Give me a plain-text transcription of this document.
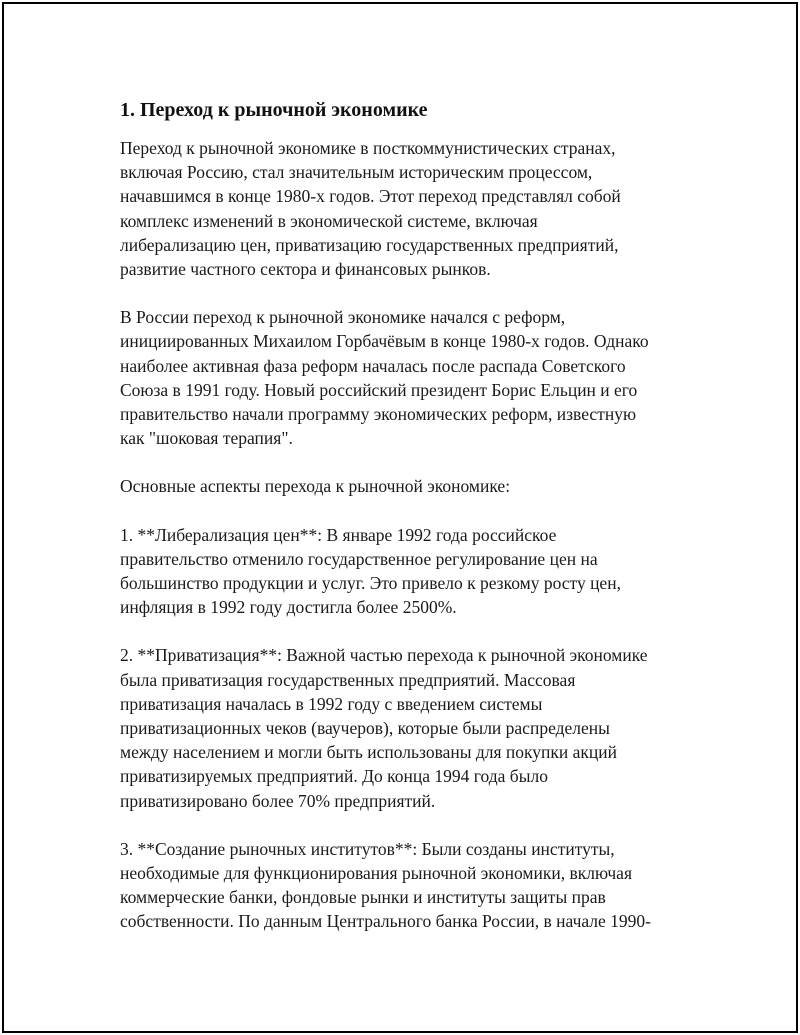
1. Переход к рыночной экономике
Переход к рыночной экономике в посткоммунистических странах,
включая Россию, стал значительным историческим процессом,
начавшимся в конце 1980-х годов. Этот переход представлял собой
комплекс изменений в экономической системе, включая
либерализацию цен, приватизацию государственных предприятий,
развитие частного сектора и финансовых рынков.
В России переход к рыночной экономике начался с реформ,
инициированных Михаилом Горбачёвым в конце 1980-х годов. Однако
наиболее активная фаза реформ началась после распада Советского
Союза в 1991 году. Новый российский президент Борис Ельцин и его
правительство начали программу экономических реформ, известную
как "шоковая терапия".
Основные аспекты перехода к рыночной экономике:
1. **Либерализация цен**: В январе 1992 года российское
правительство отменило государственное регулирование цен на
большинство продукции и услуг. Это привело к резкому росту цен,
инфляция в 1992 году достигла более 2500%.
2. **Приватизация**: Важной частью перехода к рыночной экономике
была приватизация государственных предприятий. Массовая
приватизация началась в 1992 году с введением системы
приватизационных чеков (ваучеров), которые были распределены
между населением и могли быть использованы для покупки акций
приватизируемых предприятий. До конца 1994 года было
приватизировано более 70% предприятий.
3. **Создание рыночных институтов**: Были созданы институты,
необходимые для функционирования рыночной экономики, включая
коммерческие банки, фондовые рынки и институты защиты прав
собственности. По данным Центрального банка России, в начале 1990-
